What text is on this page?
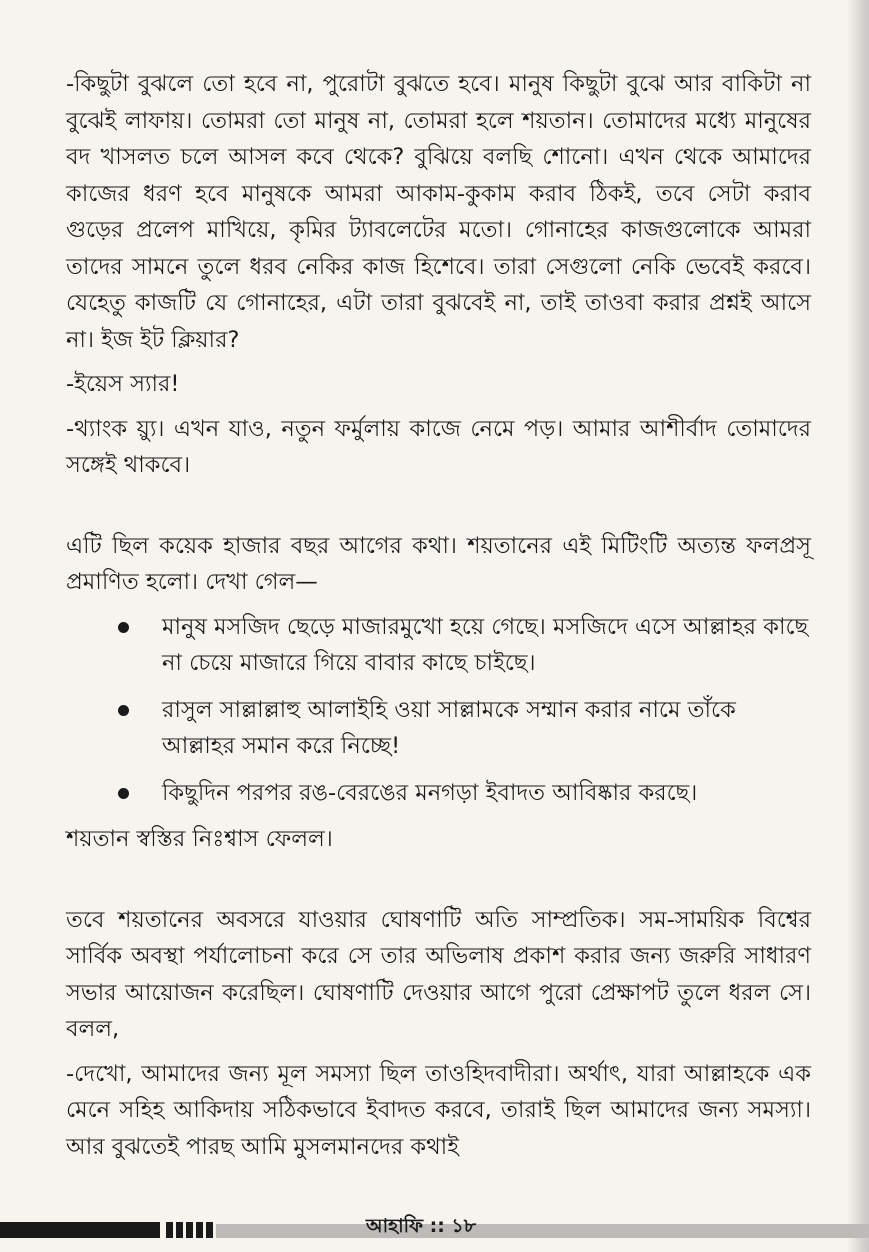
-কিছুটা বুঝলে তো হবে না, পুরোটা বুঝতে হবে। মানুষ কিছুটা বুঝে আর বাকিটা না বুঝেই লাফায়। তোমরা তো মানুষ না, তোমরা হলে শয়তান। তোমাদের মধ্যে মানুষের বদ খাসলত চলে আসল কবে থেকে? বুঝিয়ে বলছি শোনো। এখন থেকে আমাদের কাজের ধরণ হবে মানুষকে আমরা আকাম-কুকাম করাব ঠিকই, তবে সেটা করাব গুড়ের প্রলেপ মাখিয়ে, কৃমির ট্যাবলেটের মতো। গোনাহের কাজগুলোকে আমরা তাদের সামনে তুলে ধরব নেকির কাজ হিশেবে। তারা সেগুলো নেকি ভেবেই করবে। যেহেতু কাজটি যে গোনাহের, এটা তারা বুঝবেই না, তাই তাওবা করার প্রশ্নই আসে না। ইজ ইট ক্লিয়ার?

-ইয়েস স্যার!

-থ্যাংক য়্যু। এখন যাও, নতুন ফর্মুলায় কাজে নেমে পড়। আমার আশীর্বাদ তোমাদের সঙ্গেই থাকবে।

এটি ছিল কয়েক হাজার বছর আগের কথা। শয়তানের এই মিটিংটি অত্যন্ত ফলপ্রসূ প্রমাণিত হলো। দেখা গেল—

মানুষ মসজিদ ছেড়ে মাজারমুখো হয়ে গেছে। মসজিদে এসে আল্লাহর কাছে না চেয়ে মাজারে গিয়ে বাবার কাছে চাইছে।
রাসুল সাল্লাল্লাহু আলাইহি ওয়া সাল্লামকে সম্মান করার নামে তাঁকে আল্লাহর সমান করে নিচ্ছে!
কিছুদিন পরপর রঙ-বেরঙের মনগড়া ইবাদত আবিষ্কার করছে।

শয়তান স্বস্তির নিঃশ্বাস ফেলল।

তবে শয়তানের অবসরে যাওয়ার ঘোষণাটি অতি সাম্প্রতিক। সম-সাময়িক বিশ্বের সার্বিক অবস্থা পর্যালোচনা করে সে তার অভিলাষ প্রকাশ করার জন্য জরুরি সাধারণ সভার আয়োজন করেছিল। ঘোষণাটি দেওয়ার আগে পুরো প্রেক্ষাপট তুলে ধরল সে। বলল,

-দেখো, আমাদের জন্য মূল সমস্যা ছিল তাওহিদবাদীরা। অর্থাৎ, যারা আল্লাহকে এক মেনে সহিহ আকিদায় সঠিকভাবে ইবাদত করবে, তারাই ছিল আমাদের জন্য সমস্যা। আর বুঝতেই পারছ আমি মুসলমানদের কথাই

আহাফি :: ১৮
